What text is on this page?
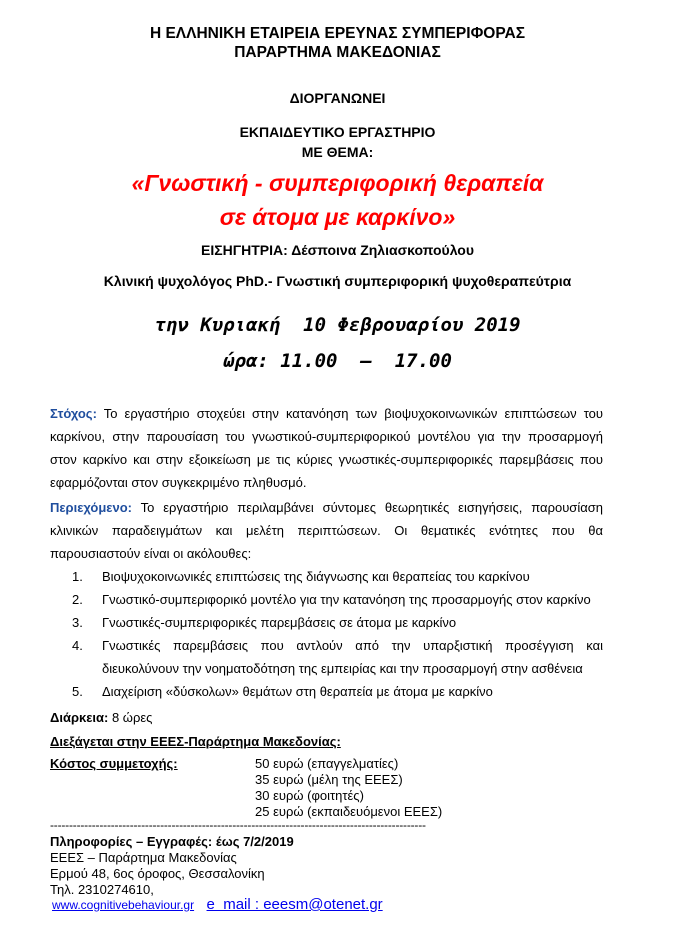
Η ΕΛΛΗΝΙΚΗ ΕΤΑΙΡΕΙΑ ΕΡΕΥΝΑΣ ΣΥΜΠΕΡΙΦΟΡΑΣ
ΠΑΡΑΡΤΗΜΑ ΜΑΚΕΔΟΝΙΑΣ
ΔΙΟΡΓΑΝΩΝΕΙ
ΕΚΠΑΙΔΕΥΤΙΚΟ ΕΡΓΑΣΤΗΡΙΟ
ΜΕ ΘΕΜΑ:
«Γνωστική - συμπεριφορική θεραπεία
σε άτομα με καρκίνο»
ΕΙΣΗΓΗΤΡΙΑ: Δέσποινα Ζηλιασκοπούλου
Κλινική ψυχολόγος PhD.- Γνωστική συμπεριφορική ψυχοθεραπεύτρια
την Κυριακή  10 Φεβρουαρίου 2019
ώρα: 11.00  –  17.00
Στόχος: Το εργαστήριο στοχεύει στην κατανόηση των βιοψυχοκοινωνικών επιπτώσεων του καρκίνου, στην παρουσίαση του γνωστικού-συμπεριφορικού μοντέλου για την προσαρμογή στον καρκίνο και στην εξοικείωση με τις κύριες γνωστικές-συμπεριφορικές παρεμβάσεις που εφαρμόζονται στον συγκεκριμένο πληθυσμό.
Περιεχόμενο: Το εργαστήριο περιλαμβάνει σύντομες θεωρητικές εισηγήσεις, παρουσίαση κλινικών παραδειγμάτων και μελέτη περιπτώσεων. Οι θεματικές ενότητες που θα παρουσιαστούν είναι οι ακόλουθες:
1.	Βιοψυχοκοινωνικές επιπτώσεις της διάγνωσης και θεραπείας του καρκίνου
2.	Γνωστικό-συμπεριφορικό μοντέλο για την κατανόηση της προσαρμογής στον καρκίνο
3.	Γνωστικές-συμπεριφορικές παρεμβάσεις σε άτομα με καρκίνο
4.	Γνωστικές παρεμβάσεις που αντλούν από την υπαρξιστική προσέγγιση και διευκολύνουν την νοηματοδότηση της εμπειρίας και την προσαρμογή στην ασθένεια
5.	Διαχείριση «δύσκολων» θεμάτων στη θεραπεία με άτομα με καρκίνο
Διάρκεια: 8 ώρες
Διεξάγεται στην ΕΕΕΣ-Παράρτημα Μακεδονίας:
Κόστος συμμετοχής:	50 ευρώ (επαγγελματίες)
35 ευρώ (μέλη της ΕΕΕΣ)
30 ευρώ (φοιτητές)
25 ευρώ (εκπαιδευόμενοι ΕΕΕΣ)
---------------------------------------------------------------------------------------------------
Πληροφορίες – Εγγραφές: έως 7/2/2019
ΕΕΕΣ – Παράρτημα Μακεδονίας
Ερμού 48, 6ος όροφος, Θεσσαλονίκη
Τηλ. 2310274610,
www.cognitivebehaviour.gr e  mail : eeesm@otenet.gr
